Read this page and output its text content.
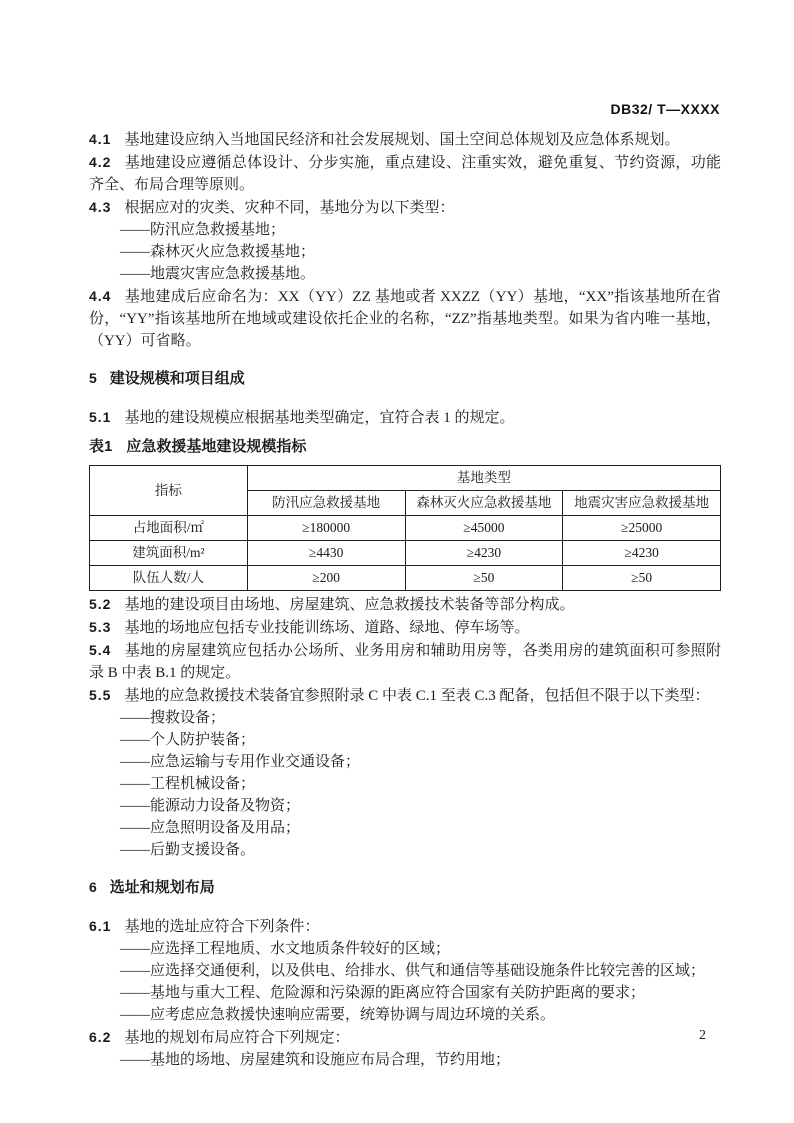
DB32/ T—XXXX

4.1 基地建设应纳入当地国民经济和社会发展规划、国土空间总体规划及应急体系规划。

4.2 基地建设应遵循总体设计、分步实施，重点建设、注重实效，避免重复、节约资源，功能齐全、布局合理等原则。

4.3 根据应对的灾类、灾种不同，基地分为以下类型：

——防汛应急救援基地；

——森林灭火应急救援基地；

——地震灾害应急救援基地。

4.4 基地建成后应命名为：XX（YY）ZZ 基地或者 XXZZ（YY）基地，“XX”指该基地所在省份，“YY”指该基地所在地域或建设依托企业的名称，“ZZ”指基地类型。如果为省内唯一基地，（YY）可省略。

5 建设规模和项目组成

5.1 基地的建设规模应根据基地类型确定，宜符合表 1 的规定。

表1 应急救援基地建设规模指标

指标	基地类型		
	防汛应急救援基地	森林灭火应急救援基地	地震灾害应急救援基地
占地面积/㎡	≥180000	≥45000	≥25000
建筑面积/m²	≥4430	≥4230	≥4230
队伍人数/人	≥200	≥50	≥50

5.2 基地的建设项目由场地、房屋建筑、应急救援技术装备等部分构成。

5.3 基地的场地应包括专业技能训练场、道路、绿地、停车场等。

5.4 基地的房屋建筑应包括办公场所、业务用房和辅助用房等，各类用房的建筑面积可参照附录 B 中表 B.1 的规定。

5.5 基地的应急救援技术装备宜参照附录 C 中表 C.1 至表 C.3 配备，包括但不限于以下类型：

——搜救设备；

——个人防护装备；

——应急运输与专用作业交通设备；

——工程机械设备；

——能源动力设备及物资；

——应急照明设备及用品；

——后勤支援设备。

6 选址和规划布局

6.1 基地的选址应符合下列条件：

——应选择工程地质、水文地质条件较好的区域；

——应选择交通便利，以及供电、给排水、供气和通信等基础设施条件比较完善的区域；

——基地与重大工程、危险源和污染源的距离应符合国家有关防护距离的要求；

——应考虑应急救援快速响应需要，统筹协调与周边环境的关系。

6.2 基地的规划布局应符合下列规定：

——基地的场地、房屋建筑和设施应布局合理，节约用地；

2
